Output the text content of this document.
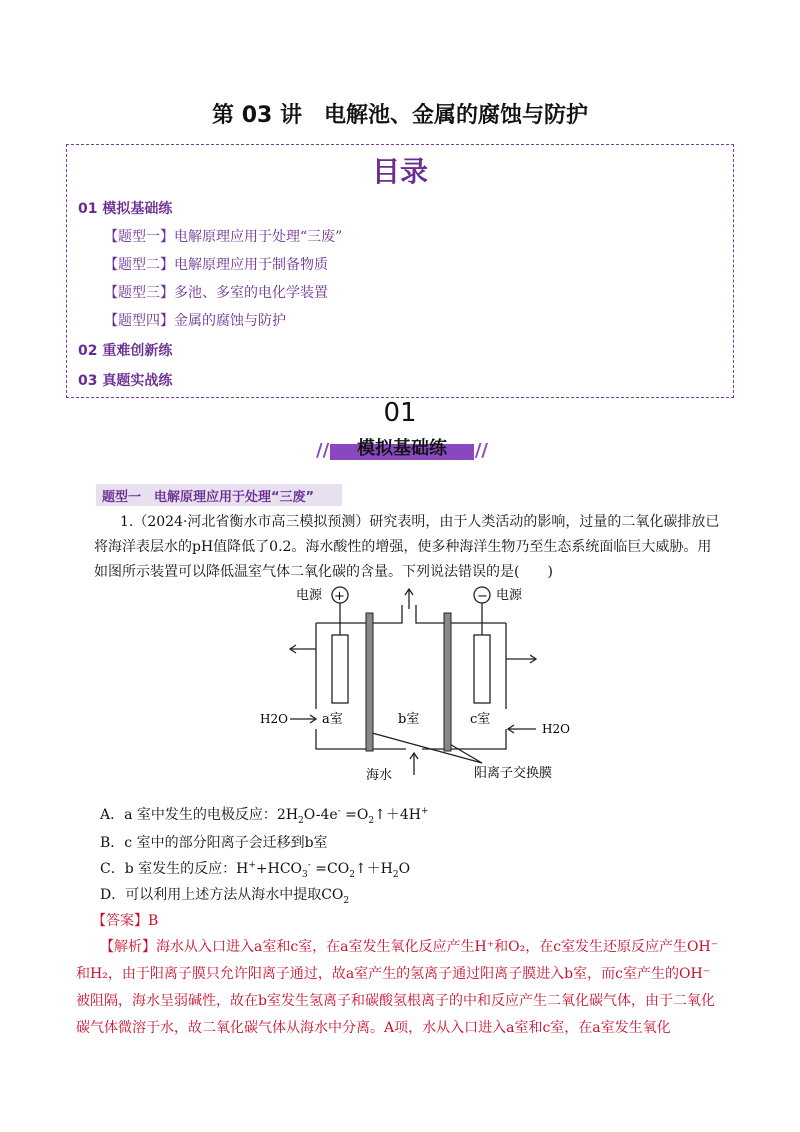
第 03 讲　电解池、金属的腐蚀与防护
目录
01 模拟基础练
【题型一】电解原理应用于处理“三废”
【题型二】电解原理应用于制备物质
【题型三】多池、多室的电化学装置
【题型四】金属的腐蚀与防护
02 重难创新练
03 真题实战练
01
//	//
模拟基础练
题型一　电解原理应用于处理“三废”
1.（2024·河北省衡水市高三模拟预测）研究表明，由于人类活动的影响，过量的二氧化碳排放已将海洋表层水的pH值降低了0.2。海水酸性的增强，使多种海洋生物乃至生态系统面临巨大威胁。用如图所示装置可以降低温室气体二氧化碳的含量。下列说法错误的是(　　)
+	−
电源	电源
a室	b室	c室
H2O
H2O
海水	阳离子交换膜
A．a 室中发生的电极反应：$2H_2O-4e^-$ $=O_2↑+4H^+$
B．c 室中的部分阳离子会迁移到b室
C．b 室发生的反应：$H^++HCO_3^-$ $=CO_2↑+H_2O$
D．可以利用上述方法从海水中提取$CO_2$
【答案】B
【解析】海水从入口进入a室和c室，在a室发生氧化反应产生H⁺和O₂，在c室发生还原反应产生OH⁻和H₂，由于阳离子膜只允许阳离子通过，故a室产生的氢离子通过阳离子膜进入b室，而c室产生的OH⁻被阻隔，海水呈弱碱性，故在b室发生氢离子和碳酸氢根离子的中和反应产生二氧化碳气体，由于二氧化碳气体微溶于水，故二氧化碳气体从海水中分离。A项，水从入口进入a室和c室，在a室发生氧化
